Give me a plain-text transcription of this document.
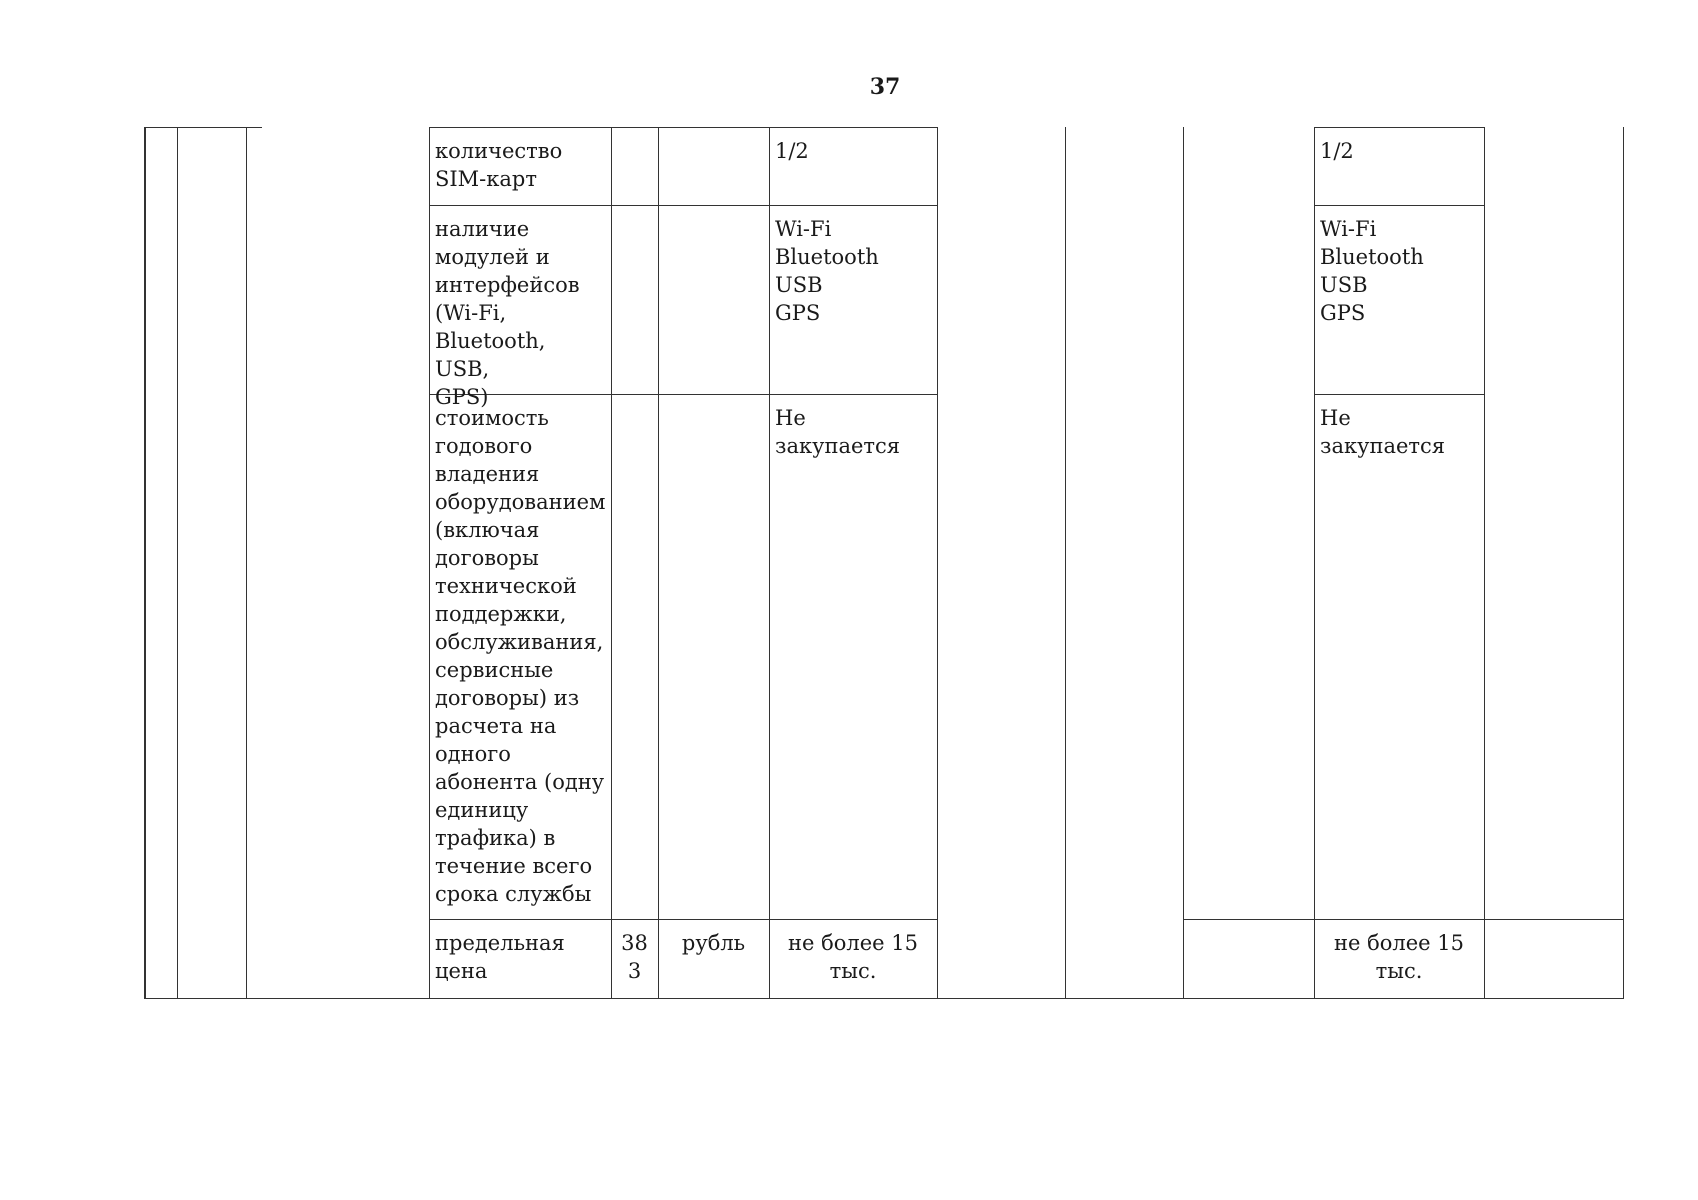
37
количество
SIM-карт
1/2	1/2
наличие
модулей и
интерфейсов
(Wi-Fi,
Bluetooth, USB,
GPS)
Wi-Fi
Bluetooth
USB
GPS
Wi-Fi
Bluetooth
USB
GPS
стоимость
годового
владения
оборудованием
(включая
договоры
технической
поддержки,
обслуживания,
сервисные
договоры) из
расчета на
одного
абонента (одну
единицу
трафика) в
течение всего
срока службы
Не закупается
Не закупается
предельная
цена
38
3
рубль	не более 15
тыс.
не более 15
тыс.
